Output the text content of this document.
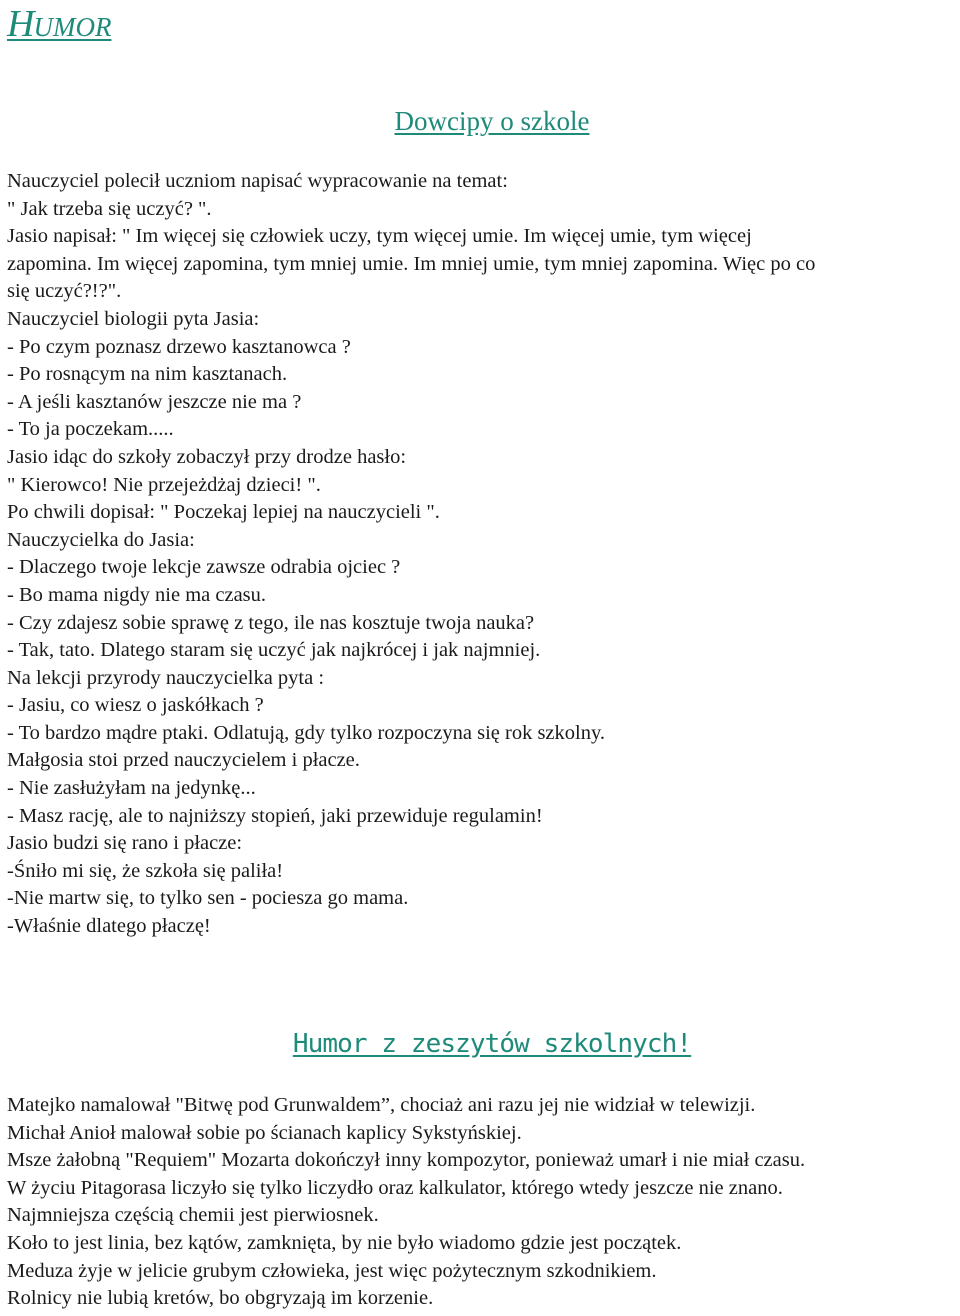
HUMOR
Dowcipy o szkole
Nauczyciel polecił uczniom napisać wypracowanie na temat:
" Jak trzeba się uczyć? ".
Jasio napisał: " Im więcej się człowiek uczy, tym więcej umie. Im więcej umie, tym więcej
zapomina. Im więcej zapomina, tym mniej umie. Im mniej umie, tym mniej zapomina. Więc po co
się uczyć?!?".
Nauczyciel biologii pyta Jasia:
- Po czym poznasz drzewo kasztanowca ?
- Po rosnącym na nim kasztanach.
- A jeśli kasztanów jeszcze nie ma ?
- To ja poczekam.....
Jasio idąc do szkoły zobaczył przy drodze hasło:
" Kierowco! Nie przejeżdżaj dzieci! ".
Po chwili dopisał: " Poczekaj lepiej na nauczycieli ".
Nauczycielka do Jasia:
- Dlaczego twoje lekcje zawsze odrabia ojciec ?
- Bo mama nigdy nie ma czasu.
- Czy zdajesz sobie sprawę z tego, ile nas kosztuje twoja nauka?
- Tak, tato. Dlatego staram się uczyć jak najkrócej i jak najmniej.
Na lekcji przyrody nauczycielka pyta :
- Jasiu, co wiesz o jaskółkach ?
- To bardzo mądre ptaki. Odlatują, gdy tylko rozpoczyna się rok szkolny.
Małgosia stoi przed nauczycielem i płacze.
- Nie zasłużyłam na jedynkę...
- Masz rację, ale to najniższy stopień, jaki przewiduje regulamin!
Jasio budzi się rano i płacze:
-Śniło mi się, że szkoła się paliła!
-Nie martw się, to tylko sen - pociesza go mama.
-Właśnie dlatego płaczę!
Humor z zeszytów szkolnych!
Matejko namalował "Bitwę pod Grunwaldem”, chociaż ani razu jej nie widział w telewizji.
Michał Anioł malował sobie po ścianach kaplicy Sykstyńskiej.
Msze żałobną "Requiem" Mozarta dokończył inny kompozytor, ponieważ umarł i nie miał czasu.
W życiu Pitagorasa liczyło się tylko liczydło oraz kalkulator, którego wtedy jeszcze nie znano.
Najmniejsza częścią chemii jest pierwiosnek.
Koło to jest linia, bez kątów, zamknięta, by nie było wiadomo gdzie jest początek.
Meduza żyje w jelicie grubym człowieka, jest więc pożytecznym szkodnikiem.
Rolnicy nie lubią kretów, bo obgryzają im korzenie.
